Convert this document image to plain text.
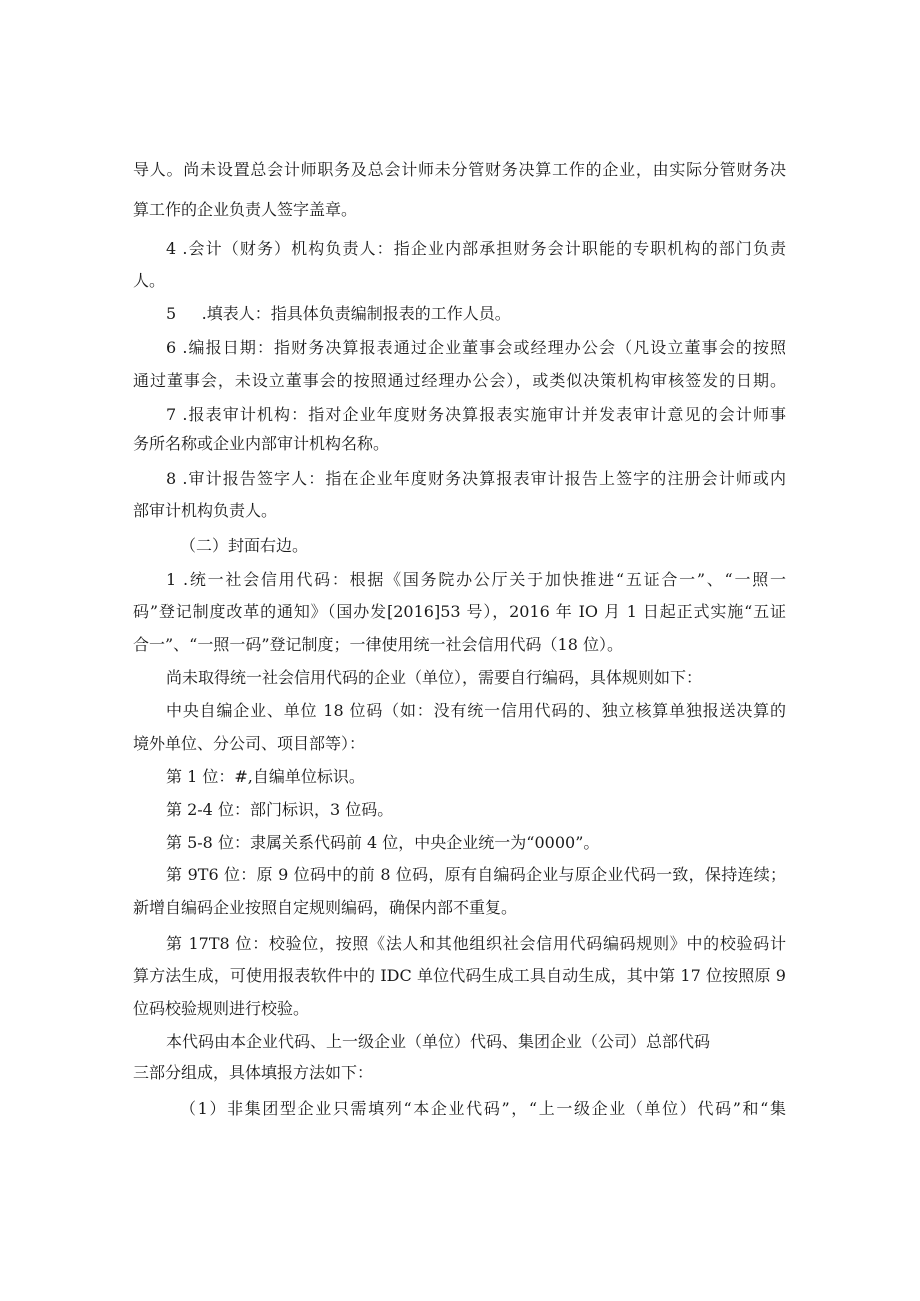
导人。尚未设置总会计师职务及总会计师未分管财务决算工作的企业，由实际分管财务决
算工作的企业负责人签字盖章。
4 .会计（财务）机构负责人：指企业内部承担财务会计职能的专职机构的部门负责
人。
5     .填表人：指具体负责编制报表的工作人员。
6 .编报日期：指财务决算报表通过企业董事会或经理办公会（凡设立董事会的按照
通过董事会，未设立董事会的按照通过经理办公会），或类似决策机构审核签发的日期。
7 .报表审计机构：指对企业年度财务决算报表实施审计并发表审计意见的会计师事
务所名称或企业内部审计机构名称。
8 .审计报告签字人：指在企业年度财务决算报表审计报告上签字的注册会计师或内
部审计机构负责人。
（二）封面右边。
1 .统一社会信用代码：根据《国务院办公厅关于加快推进“五证合一”、“一照一
码”登记制度改革的通知》（国办发[2016]53 号），2016 年 IO 月 1 日起正式实施“五证
合一”、“一照一码”登记制度；一律使用统一社会信用代码（18 位）。
尚未取得统一社会信用代码的企业（单位），需要自行编码，具体规则如下：
中央自编企业、单位 18 位码（如：没有统一信用代码的、独立核算单独报送决算的
境外单位、分公司、项目部等）：
第 1 位：#,自编单位标识。
第 2-4 位：部门标识，3 位码。
第 5-8 位：隶属关系代码前 4 位，中央企业统一为“0000”。
第 9T6 位：原 9 位码中的前 8 位码，原有自编码企业与原企业代码一致，保持连续；
新增自编码企业按照自定规则编码，确保内部不重复。
第 17T8 位：校验位，按照《法人和其他组织社会信用代码编码规则》中的校验码计
算方法生成，可使用报表软件中的 IDC 单位代码生成工具自动生成，其中第 17 位按照原 9
位码校验规则进行校验。
本代码由本企业代码、上一级企业（单位）代码、集团企业（公司）总部代码
三部分组成，具体填报方法如下：
（1）非集团型企业只需填列“本企业代码”，“上一级企业（单位）代码”和“集
